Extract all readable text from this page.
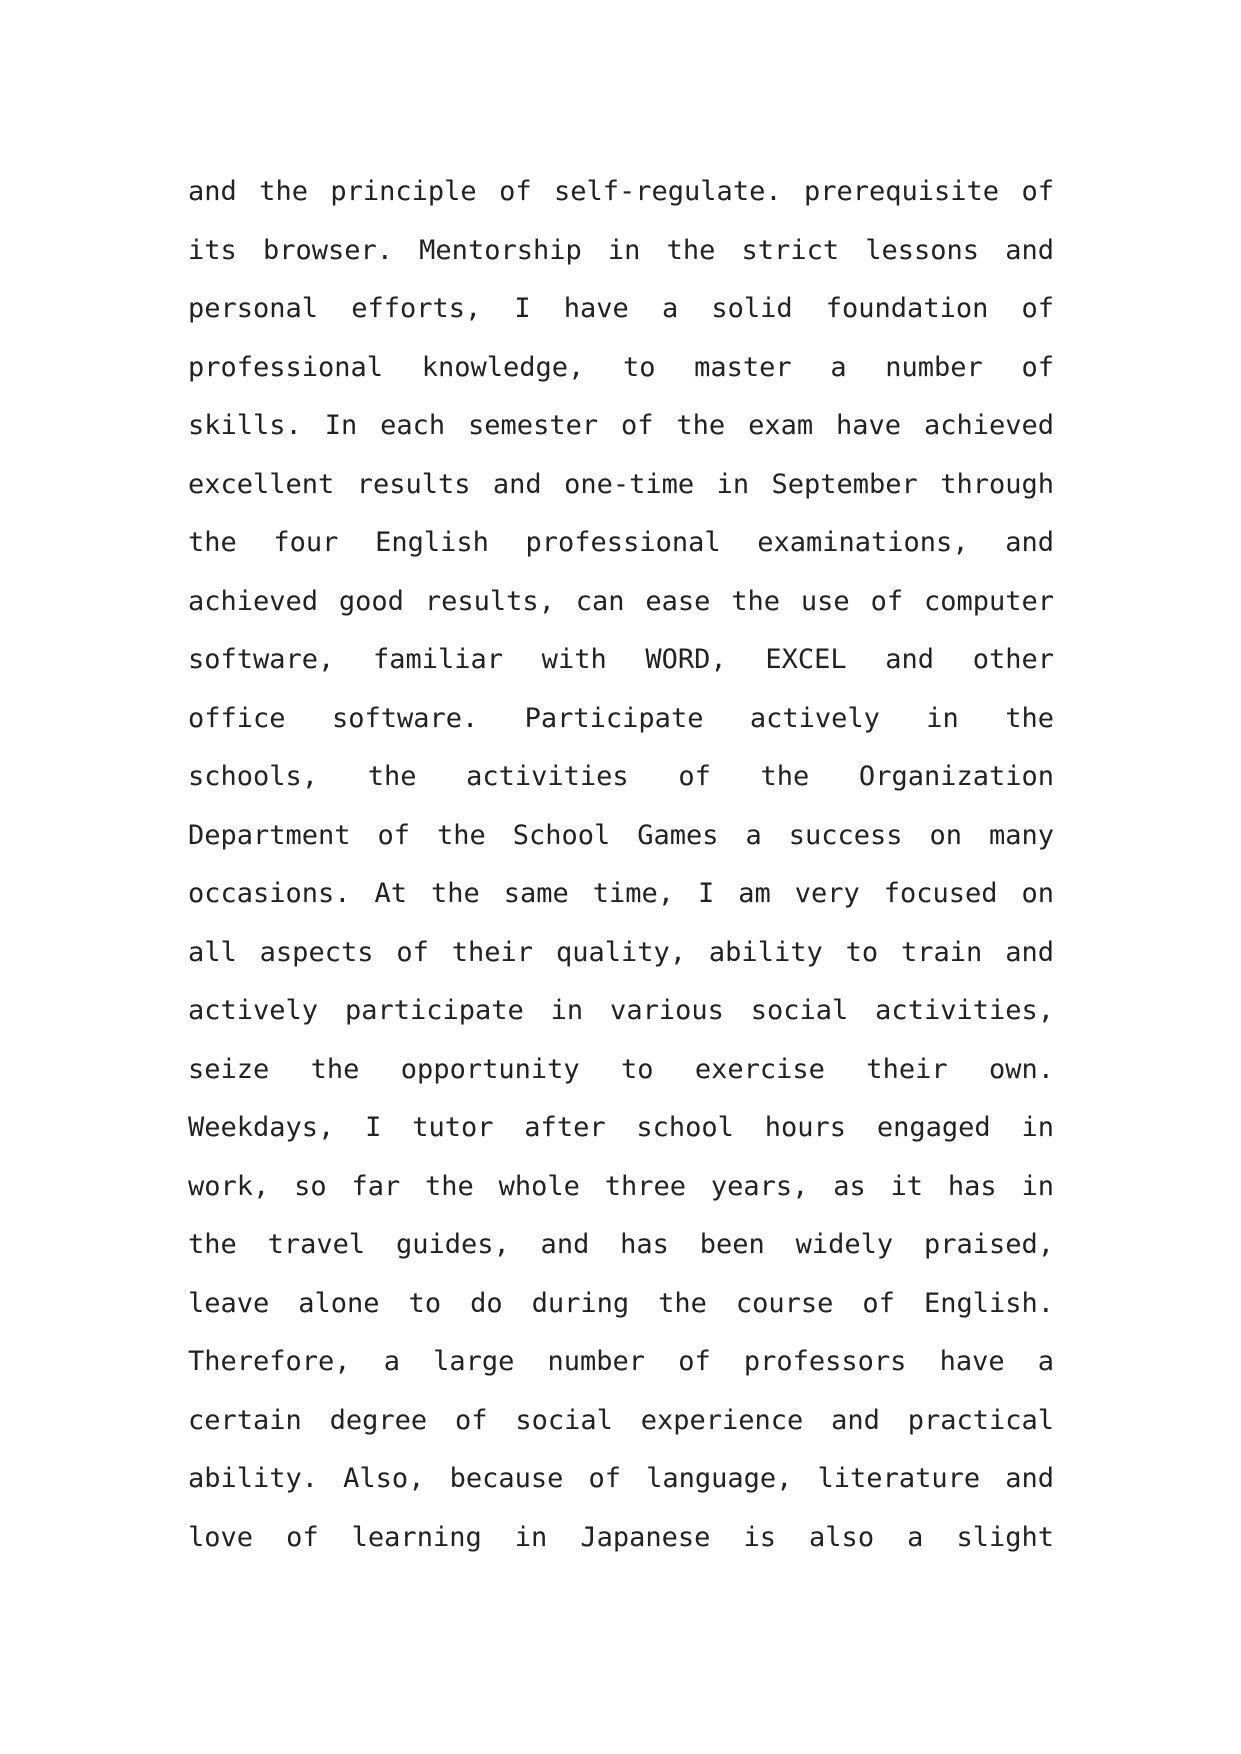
and the principle of self-regulate. prerequisite of
its browser. Mentorship in the strict lessons and
personal efforts, I have a solid foundation of
professional knowledge, to master a number of
skills. In each semester of the exam have achieved
excellent results and one-time in September through
the four English professional examinations, and
achieved good results, can ease the use of computer
software, familiar with WORD, EXCEL and other
office software. Participate actively in the
schools, the activities of the Organization
Department of the School Games a success on many
occasions. At the same time, I am very focused on
all aspects of their quality, ability to train and
actively participate in various social activities,
seize the opportunity to exercise their own.
Weekdays, I tutor after school hours engaged in
work, so far the whole three years, as it has in
the travel guides, and has been widely praised,
leave alone to do during the course of English.
Therefore, a large number of professors have a
certain degree of social experience and practical
ability. Also, because of language, literature and
love of learning in Japanese is also a slight
